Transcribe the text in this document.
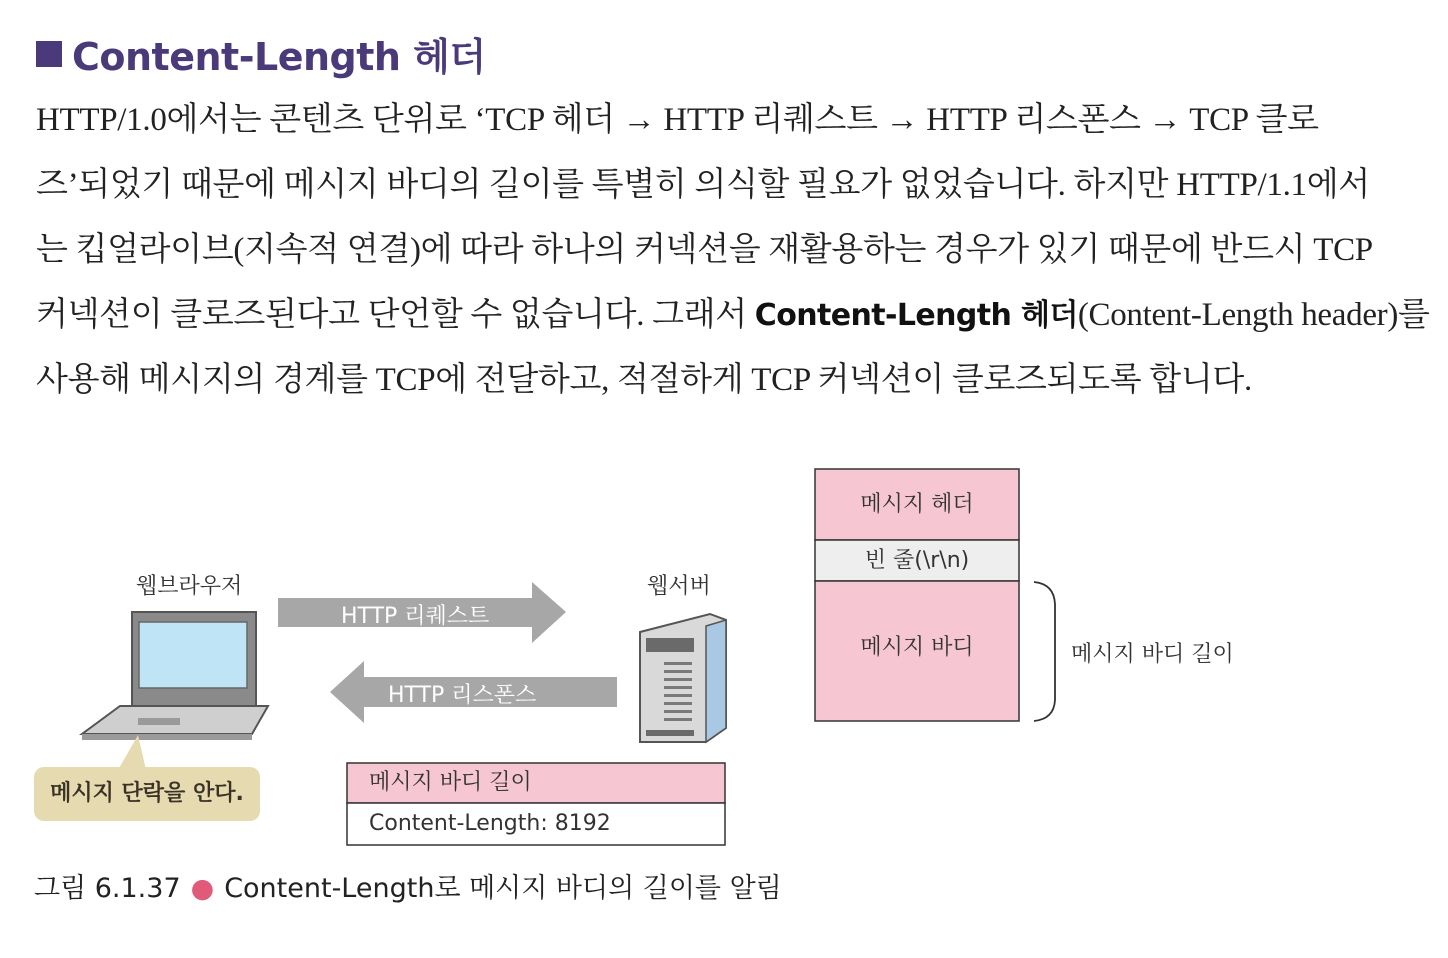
Content-Length 헤더
HTTP/1.0에서는 콘텐츠 단위로 ‘TCP 헤더 → HTTP 리퀘스트 → HTTP 리스폰스 → TCP 클로
즈’되었기 때문에 메시지 바디의 길이를 특별히 의식할 필요가 없었습니다. 하지만 HTTP/1.1에서
는 킵얼라이브(지속적 연결)에 따라 하나의 커넥션을 재활용하는 경우가 있기 때문에 반드시 TCP
커넥션이 클로즈된다고 단언할 수 없습니다. 그래서 Content-Length 헤더(Content-Length header)를
사용해 메시지의 경계를 TCP에 전달하고, 적절하게 TCP 커넥션이 클로즈되도록 합니다.
웹브라우저	웹서버
HTTP 리퀘스트
HTTP 리스폰스
메시지 단락을 안다.	메시지 바디 길이
Content-Length: 8192
메시지 헤더
빈 줄(\r\n)
메시지 바디	메시지 바디 길이
그림 6.1.37 ● Content-Length로 메시지 바디의 길이를 알림
